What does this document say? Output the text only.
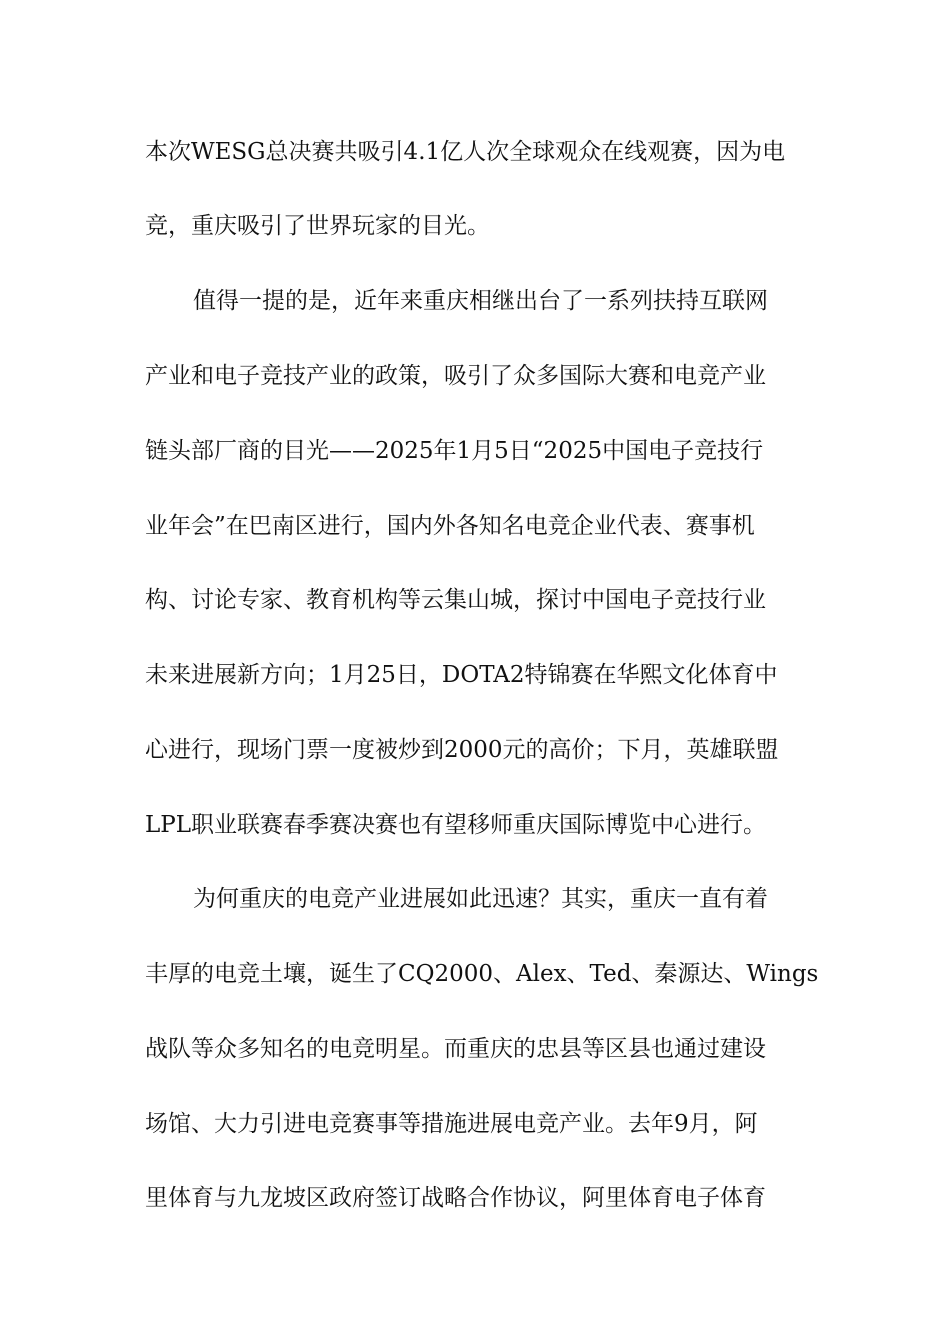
本次WESG总决赛共吸引4.1亿人次全球观众在线观赛，因为电
竞，重庆吸引了世界玩家的目光。
值得一提的是，近年来重庆相继出台了一系列扶持互联网
产业和电子竞技产业的政策，吸引了众多国际大赛和电竞产业
链头部厂商的目光——2025年1月5日“2025中国电子竞技行
业年会”在巴南区进行，国内外各知名电竞企业代表、赛事机
构、讨论专家、教育机构等云集山城，探讨中国电子竞技行业
未来进展新方向；1月25日，DOTA2特锦赛在华熙文化体育中
心进行，现场门票一度被炒到2000元的高价；下月，英雄联盟
LPL职业联赛春季赛决赛也有望移师重庆国际博览中心进行。
为何重庆的电竞产业进展如此迅速？其实，重庆一直有着
丰厚的电竞土壤，诞生了CQ2000、Alex、Ted、秦源达、Wings
战队等众多知名的电竞明星。而重庆的忠县等区县也通过建设
场馆、大力引进电竞赛事等措施进展电竞产业。去年9月，阿
里体育与九龙坡区政府签订战略合作协议，阿里体育电子体育
